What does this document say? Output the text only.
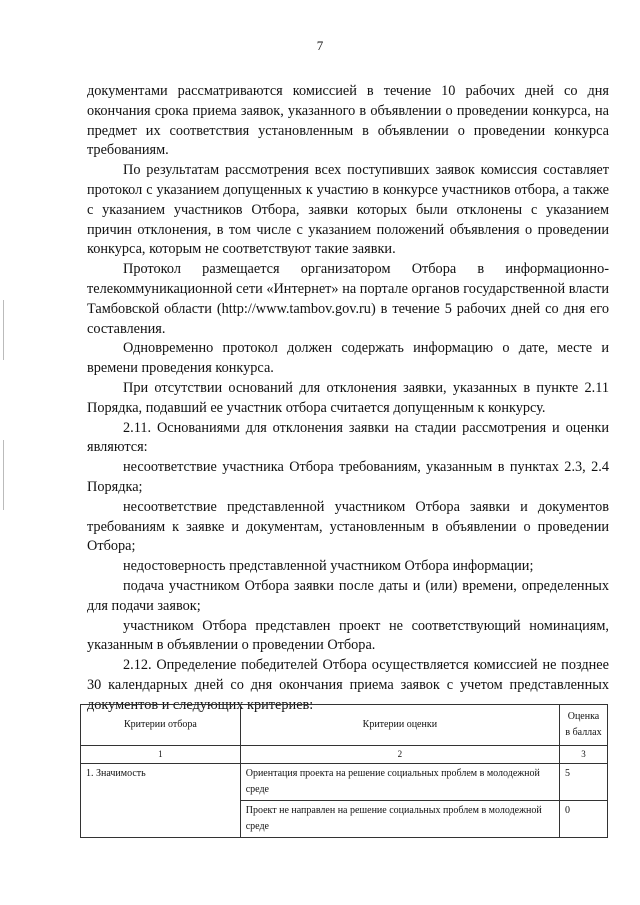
7

документами рассматриваются комиссией в течение 10 рабочих дней со дня окончания срока приема заявок, указанного в объявлении о проведении конкурса, на предмет их соответствия установленным в объявлении о проведении конкурса требованиям.

По результатам рассмотрения всех поступивших заявок комиссия составляет протокол с указанием допущенных к участию в конкурсе участников отбора, а также с указанием участников Отбора, заявки которых были отклонены с указанием причин отклонения, в том числе с указанием положений объявления о проведении конкурса, которым не соответствуют такие заявки.

Протокол размещается организатором Отбора в информационно-телекоммуникационной сети «Интернет» на портале органов государственной власти Тамбовской области (http://www.tambov.gov.ru) в течение 5 рабочих дней со дня его составления.

Одновременно протокол должен содержать информацию о дате, месте и времени проведения конкурса.

При отсутствии оснований для отклонения заявки, указанных в пункте 2.11 Порядка, подавший ее участник отбора считается допущенным к конкурсу.

2.11. Основаниями для отклонения заявки на стадии рассмотрения и оценки являются:

несоответствие участника Отбора требованиям, указанным в пунктах 2.3, 2.4 Порядка;

несоответствие представленной участником Отбора заявки и документов требованиям к заявке и документам, установленным в объявлении о проведении Отбора;

недостоверность представленной участником Отбора информации;

подача участником Отбора заявки после даты и (или) времени, определенных для подачи заявок;

участником Отбора представлен проект не соответствующий номинациям, указанным в объявлении о проведении Отбора.

2.12. Определение победителей Отбора осуществляется комиссией не позднее 30 календарных дней со дня окончания приема заявок с учетом представленных документов и следующих критериев:

Критерии отбора	Критерии оценки	Оценка в баллах
1	2	3
1. Значимость	Ориентация проекта на решение социальных проблем в молодежной среде	5
	Проект не направлен на решение социальных проблем в молодежной среде	0
